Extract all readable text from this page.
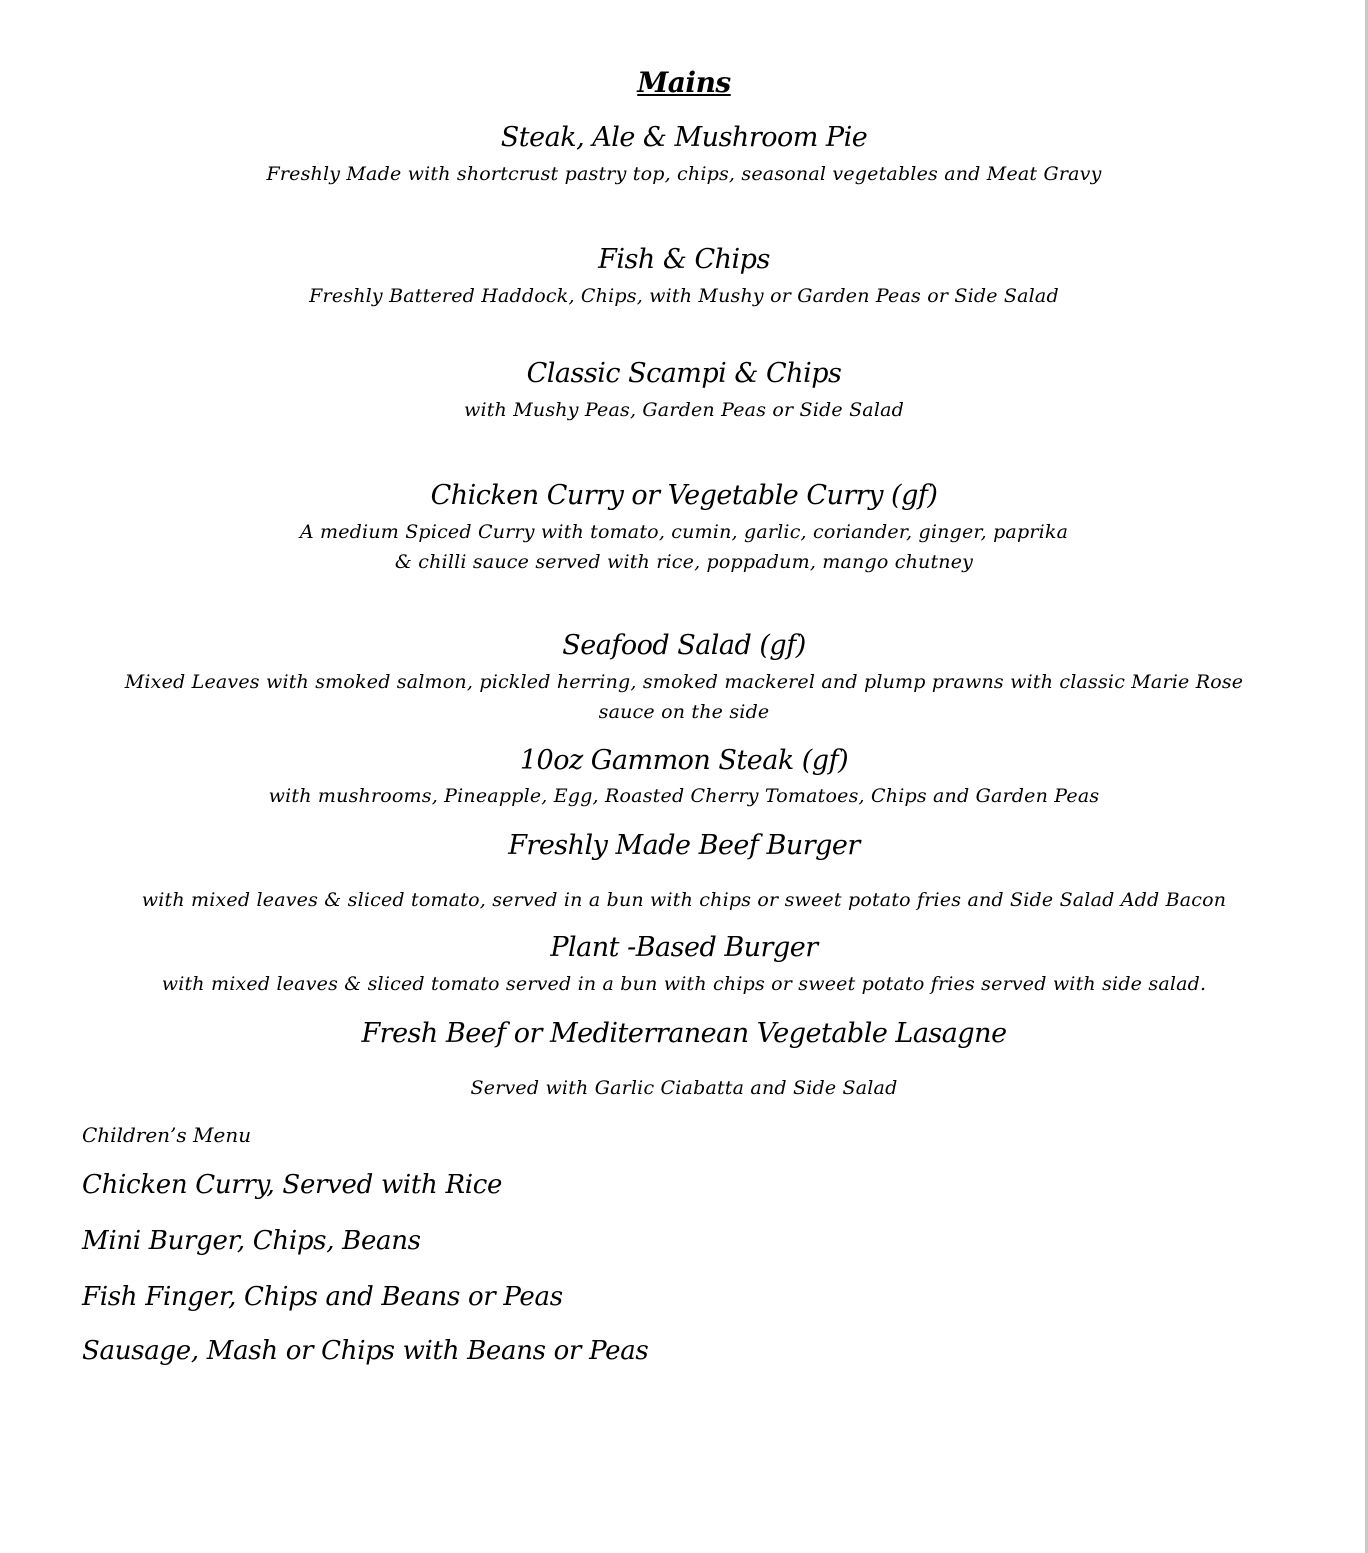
Mains
Steak, Ale & Mushroom Pie
Freshly Made with shortcrust pastry top, chips, seasonal vegetables and Meat Gravy
Fish & Chips
Freshly Battered Haddock, Chips, with Mushy or Garden Peas or Side Salad
Classic Scampi & Chips
with Mushy Peas, Garden Peas or Side Salad
Chicken Curry or Vegetable Curry (gf)
A medium Spiced Curry with tomato, cumin, garlic, coriander, ginger, paprika
& chilli sauce served with rice, poppadum, mango chutney
Seafood Salad (gf)
Mixed Leaves with smoked salmon, pickled herring, smoked mackerel and plump prawns with classic Marie Rose
sauce on the side
10oz Gammon Steak (gf)
with mushrooms, Pineapple, Egg, Roasted Cherry Tomatoes, Chips and Garden Peas
Freshly Made Beef Burger
with mixed leaves & sliced tomato, served in a bun with chips or sweet potato fries and Side Salad Add Bacon
Plant -Based Burger
with mixed leaves & sliced tomato served in a bun with chips or sweet potato fries served with side salad.
Fresh Beef or Mediterranean Vegetable Lasagne
Served with Garlic Ciabatta and Side Salad
Children’s Menu
Chicken Curry, Served with Rice
Mini Burger, Chips, Beans
Fish Finger, Chips and Beans or Peas
Sausage, Mash or Chips with Beans or Peas
